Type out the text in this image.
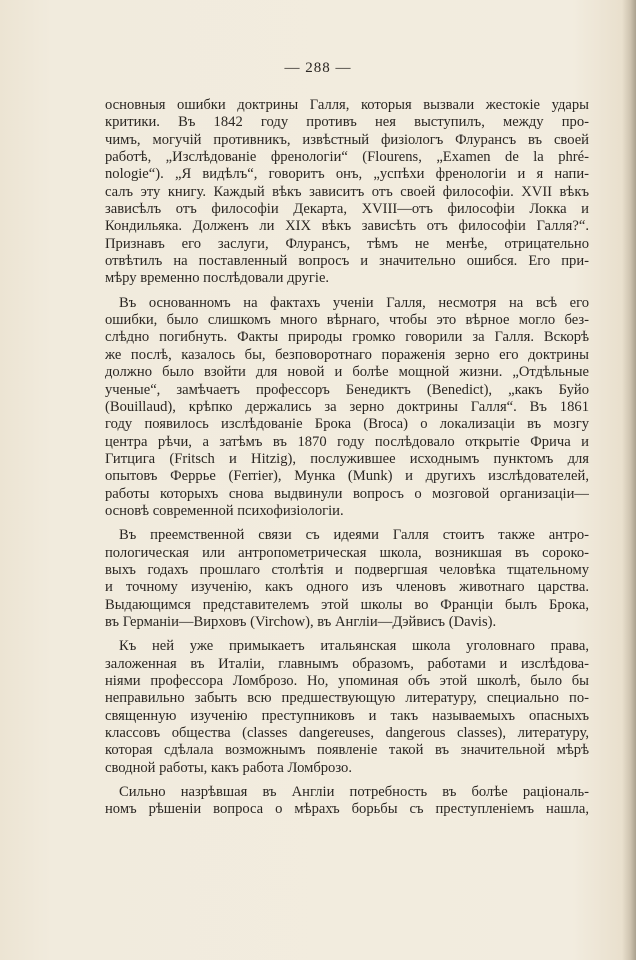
— 288 —
основныя ошибки доктрины Галля, которыя вызвали жестокіе удары
критики. Въ 1842 году противъ нея выступилъ, между про-
чимъ, могучій противникъ, извѣстный физіологъ Флурансъ въ своей
работѣ, „Изслѣдованіе френологіи“ (Flourens, „Examen de la phré-
nologie“). „Я видѣлъ“, говоритъ онъ, „успѣхи френологіи и я напи-
салъ эту книгу. Каждый вѣкъ зависитъ отъ своей философіи. XVII вѣкъ
зависѣлъ отъ философіи Декарта, XVIII—отъ философіи Локка и
Кондильяка. Долженъ ли XIX вѣкъ зависѣть отъ философіи Галля?“.
Признавъ его заслуги, Флурансъ, тѣмъ не менѣе, отрицательно
отвѣтилъ на поставленный вопросъ и значительно ошибся. Его при-
мѣру временно послѣдовали другіе.
Въ основанномъ на фактахъ ученіи Галля, несмотря на всѣ его
ошибки, было слишкомъ много вѣрнаго, чтобы это вѣрное могло без-
слѣдно погибнуть. Факты природы громко говорили за Галля. Вскорѣ
же послѣ, казалось бы, безповоротнаго пораженія зерно его доктрины
должно было взойти для новой и болѣе мощной жизни. „Отдѣльные
ученые“, замѣчаетъ профессоръ Бенедиктъ (Benedict), „какъ Буйо
(Bouillaud), крѣпко держались за зерно доктрины Галля“. Въ 1861
году появилось изслѣдованіе Брока (Broca) о локализаціи въ мозгу
центра рѣчи, а затѣмъ въ 1870 году послѣдовало открытіе Фрича и
Гитцига (Fritsch и Hitzig), послужившее исходнымъ пунктомъ для
опытовъ Феррье (Ferrier), Мунка (Munk) и другихъ изслѣдователей,
работы которыхъ снова выдвинули вопросъ о мозговой организаціи—
основѣ современной психофизіологіи.
Въ преемственной связи съ идеями Галля стоитъ также антро-
пологическая или антропометрическая школа, возникшая въ сороко-
выхъ годахъ прошлаго столѣтія и подвергшая человѣка тщательному
и точному изученію, какъ одного изъ членовъ животнаго царства.
Выдающимся представителемъ этой школы во Франціи былъ Брока,
въ Германіи—Вирховъ (Virchow), въ Англіи—Дэйвисъ (Davis).
Къ ней уже примыкаетъ итальянская школа уголовнаго права,
заложенная въ Италіи, главнымъ образомъ, работами и изслѣдова-
ніями профессора Ломброзо. Но, упоминая объ этой школѣ, было бы
неправильно забыть всю предшествующую литературу, специально по-
священную изученію преступниковъ и такъ называемыхъ опасныхъ
классовъ общества (classes dangereuses, dangerous classes), литературу,
которая сдѣлала возможнымъ появленіе такой въ значительной мѣрѣ
сводной работы, какъ работа Ломброзо.
Сильно назрѣвшая въ Англіи потребность въ болѣе раціональ-
номъ рѣшеніи вопроса о мѣрахъ борьбы съ преступленіемъ нашла,
